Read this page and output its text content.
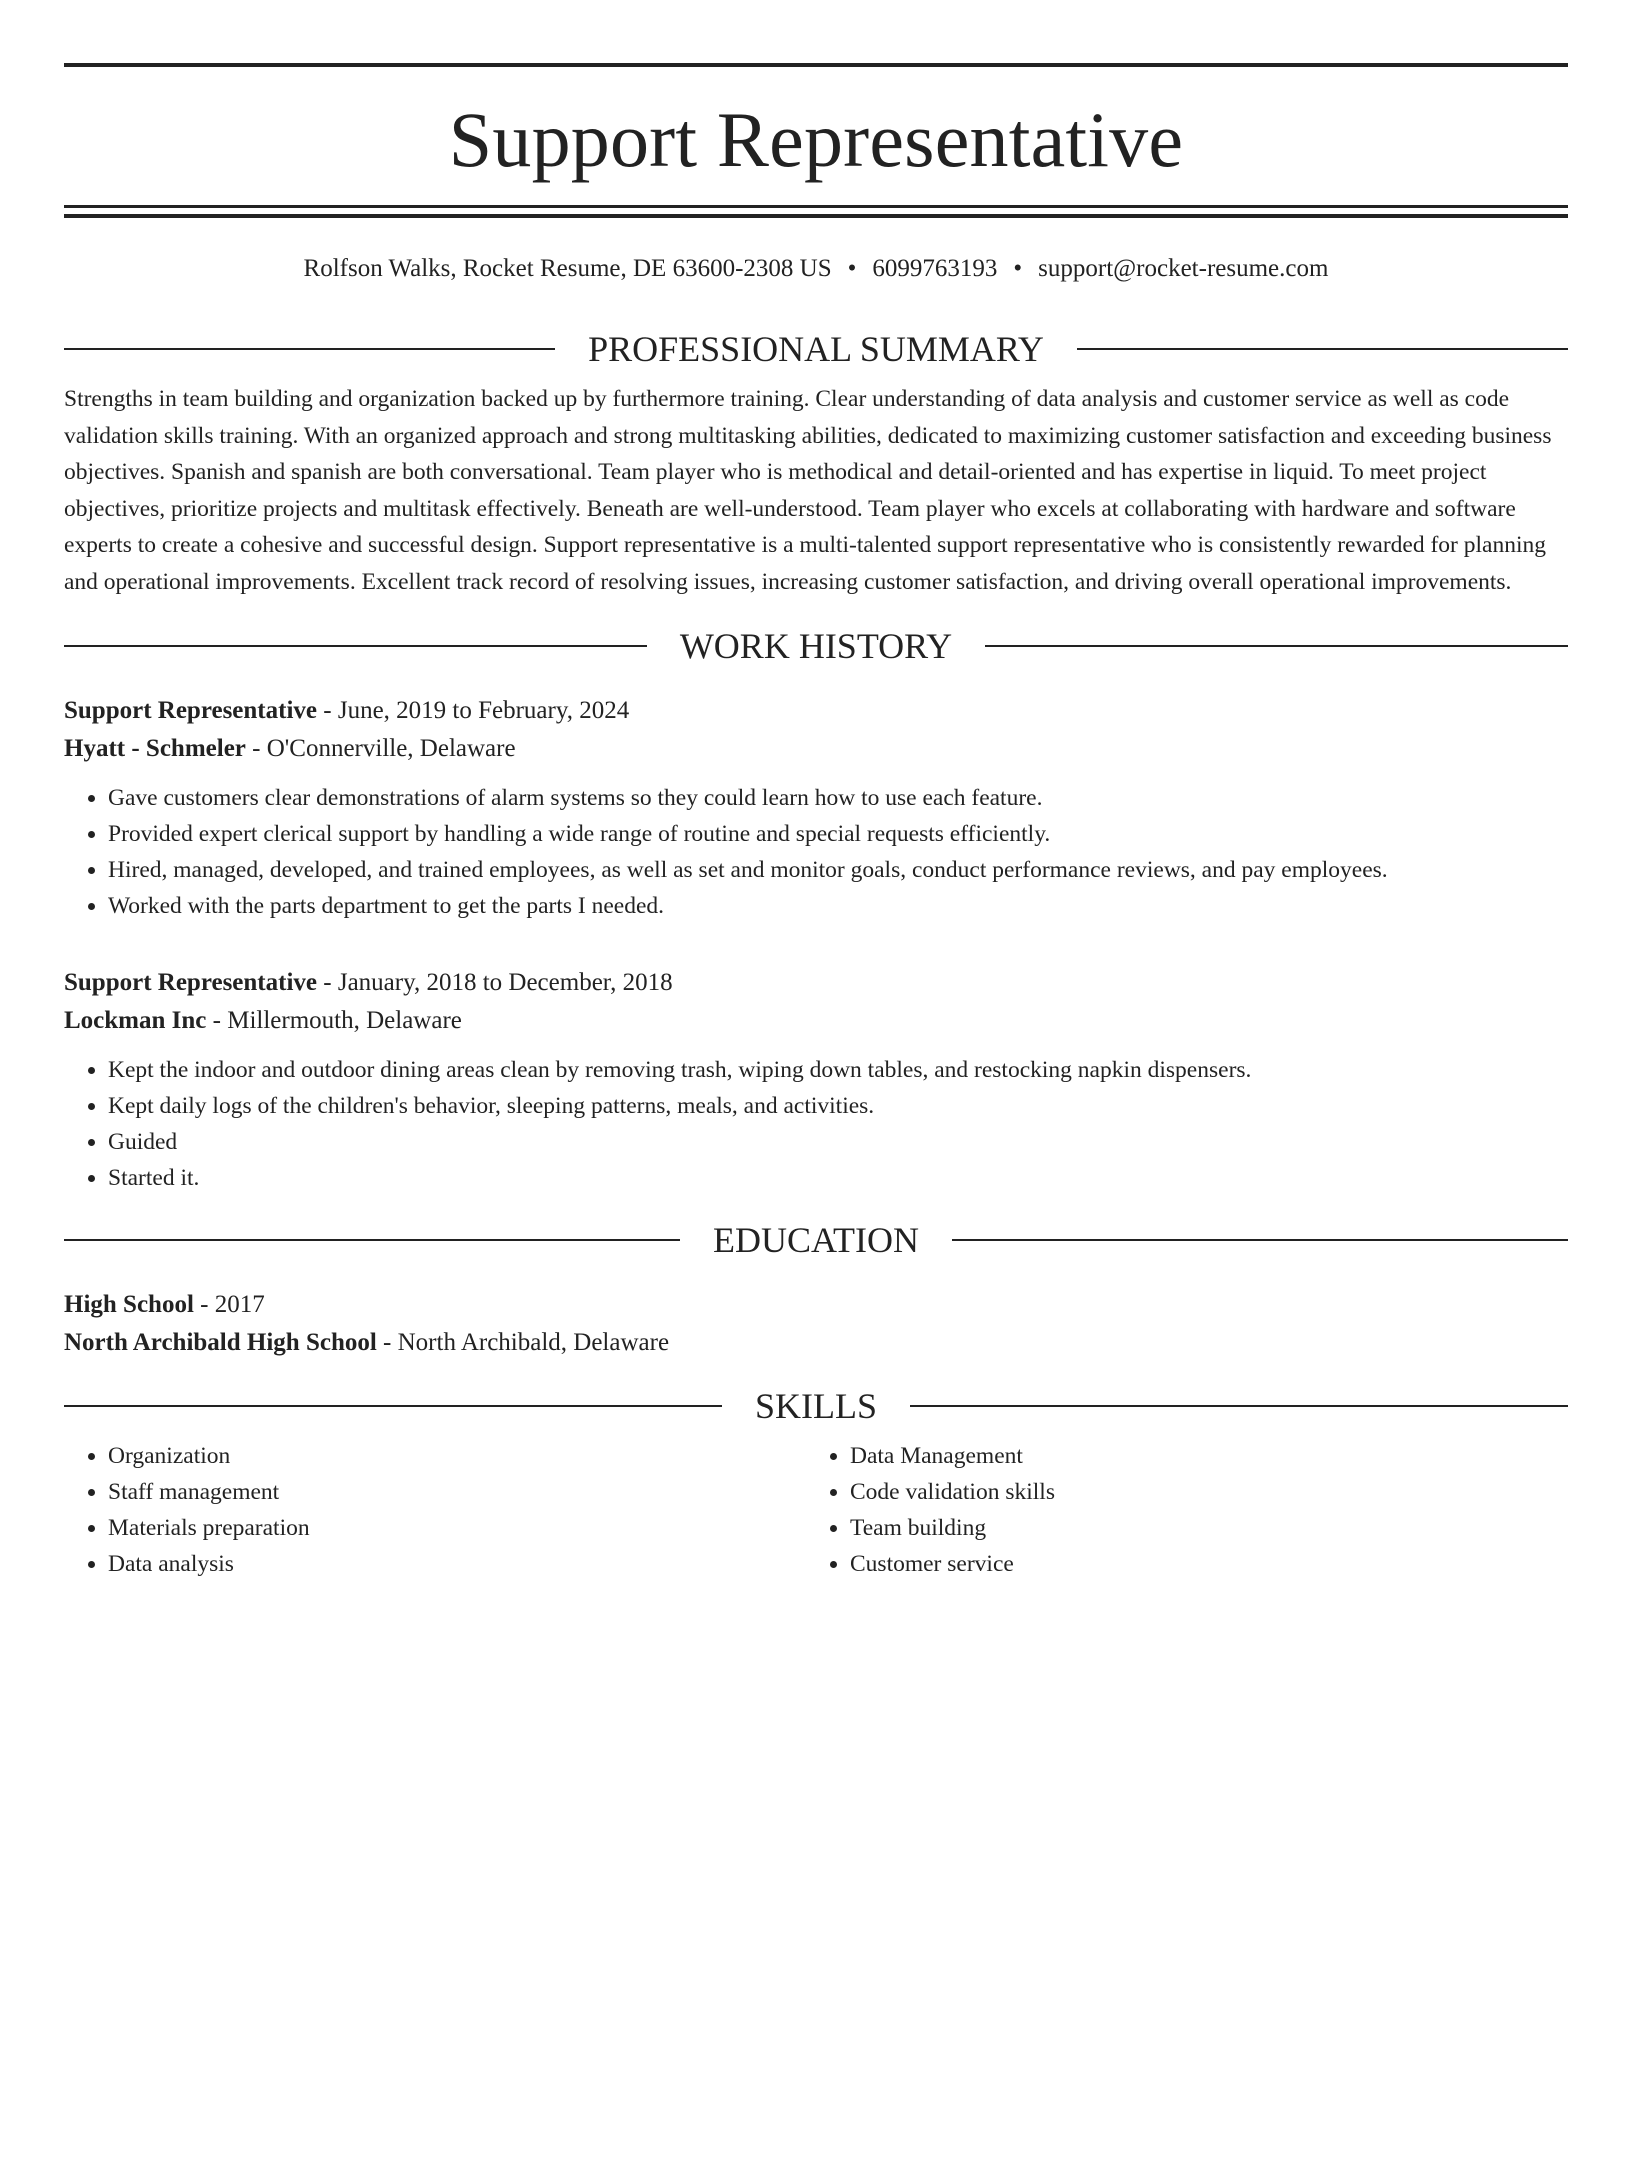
Support Representative
Rolfson Walks, Rocket Resume, DE 63600-2308 US • 6099763193 • support@rocket-resume.com
PROFESSIONAL SUMMARY
Strengths in team building and organization backed up by furthermore training. Clear understanding of data analysis and customer service as well as code validation skills training. With an organized approach and strong multitasking abilities, dedicated to maximizing customer satisfaction and exceeding business objectives. Spanish and spanish are both conversational. Team player who is methodical and detail-oriented and has expertise in liquid. To meet project objectives, prioritize projects and multitask effectively. Beneath are well-understood. Team player who excels at collaborating with hardware and software experts to create a cohesive and successful design. Support representative is a multi-talented support representative who is consistently rewarded for planning and operational improvements. Excellent track record of resolving issues, increasing customer satisfaction, and driving overall operational improvements.
WORK HISTORY
Support Representative - June, 2019 to February, 2024
Hyatt - Schmeler - O'Connerville, Delaware
• Gave customers clear demonstrations of alarm systems so they could learn how to use each feature.
• Provided expert clerical support by handling a wide range of routine and special requests efficiently.
• Hired, managed, developed, and trained employees, as well as set and monitor goals, conduct performance reviews, and pay employees.
• Worked with the parts department to get the parts I needed.
Support Representative - January, 2018 to December, 2018
Lockman Inc - Millermouth, Delaware
• Kept the indoor and outdoor dining areas clean by removing trash, wiping down tables, and restocking napkin dispensers.
• Kept daily logs of the children's behavior, sleeping patterns, meals, and activities.
• Guided
• Started it.
EDUCATION
High School - 2017
North Archibald High School - North Archibald, Delaware
SKILLS
• Organization
• Staff management
• Materials preparation
• Data analysis
• Data Management
• Code validation skills
• Team building
• Customer service
